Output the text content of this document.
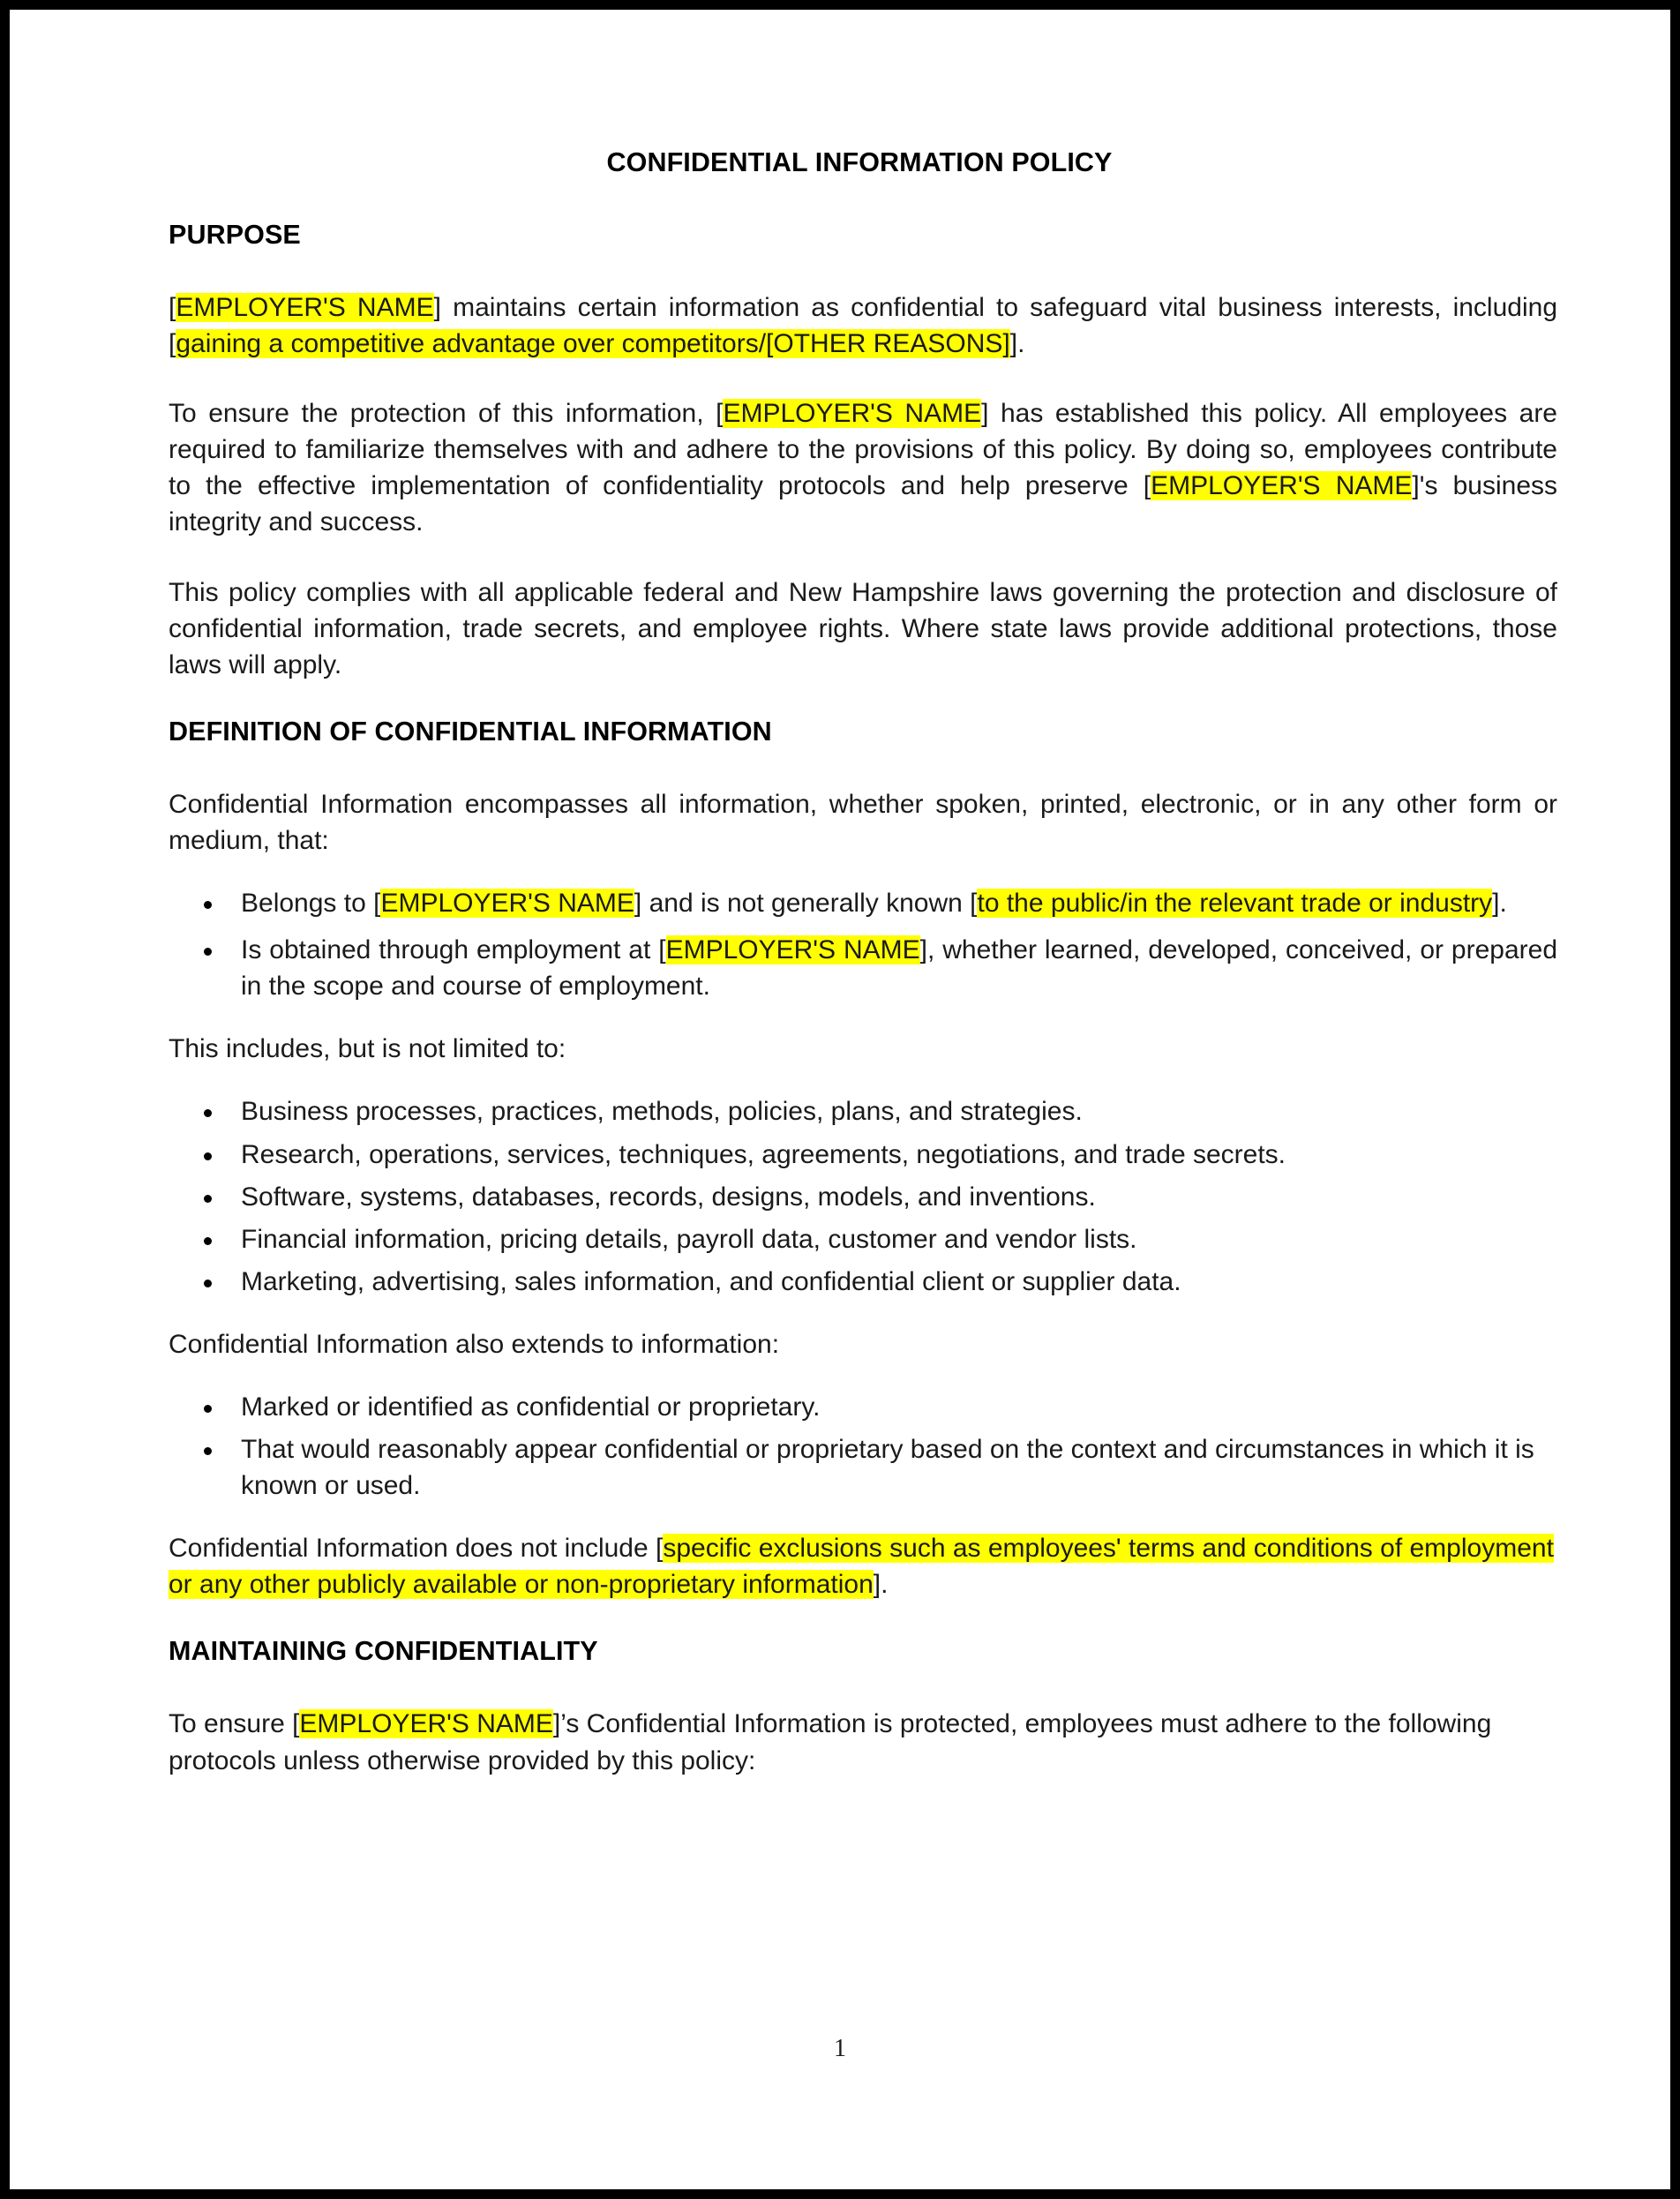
CONFIDENTIAL INFORMATION POLICY
PURPOSE

[EMPLOYER'S NAME] maintains certain information as confidential to safeguard vital business interests, including [gaining a competitive advantage over competitors/[OTHER REASONS]].

To ensure the protection of this information, [EMPLOYER'S NAME] has established this policy. All employees are required to familiarize themselves with and adhere to the provisions of this policy. By doing so, employees contribute to the effective implementation of confidentiality protocols and help preserve [EMPLOYER'S NAME]'s business integrity and success.

This policy complies with all applicable federal and New Hampshire laws governing the protection and disclosure of confidential information, trade secrets, and employee rights. Where state laws provide additional protections, those laws will apply.

DEFINITION OF CONFIDENTIAL INFORMATION

Confidential Information encompasses all information, whether spoken, printed, electronic, or in any other form or medium, that:

Belongs to [EMPLOYER'S NAME] and is not generally known [to the public/in the relevant trade or industry].
Is obtained through employment at [EMPLOYER'S NAME], whether learned, developed, conceived, or prepared in the scope and course of employment.

This includes, but is not limited to:

Business processes, practices, methods, policies, plans, and strategies.
Research, operations, services, techniques, agreements, negotiations, and trade secrets.
Software, systems, databases, records, designs, models, and inventions.
Financial information, pricing details, payroll data, customer and vendor lists.
Marketing, advertising, sales information, and confidential client or supplier data.

Confidential Information also extends to information:

Marked or identified as confidential or proprietary.
That would reasonably appear confidential or proprietary based on the context and circumstances in which it is known or used.

Confidential Information does not include [specific exclusions such as employees' terms and conditions of employment or any other publicly available or non-proprietary information].

MAINTAINING CONFIDENTIALITY

To ensure [EMPLOYER'S NAME]’s Confidential Information is protected, employees must adhere to the following protocols unless otherwise provided by this policy:

1
